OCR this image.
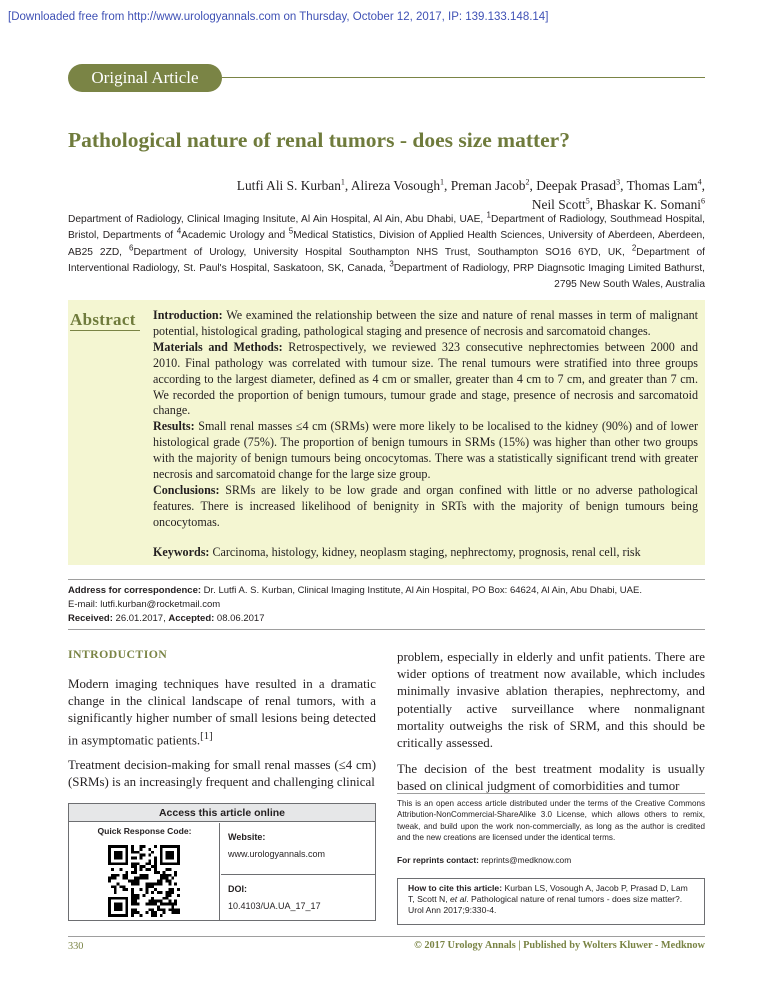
[Downloaded free from http://www.urologyannals.com on Thursday, October 12, 2017, IP: 139.133.148.14]
Original Article
Pathological nature of renal tumors - does size matter?
Lutfi Ali S. Kurban$^1$, Alireza Vosough$^1$, Preman Jacob$^2$, Deepak Prasad$^3$, Thomas Lam$^4$,
Neil Scott$^5$, Bhaskar K. Somani$^6$
Department of Radiology, Clinical Imaging Insitute, Al Ain Hospital, Al Ain, Abu Dhabi, UAE, $^1$Department of Radiology, Southmead Hospital, Bristol, Departments of $^4$Academic Urology and $^5$Medical Statistics, Division of Applied Health Sciences, University of Aberdeen, Aberdeen, AB25 2ZD, $^6$Department of Urology, University Hospital Southampton NHS Trust, Southampton SO16 6YD, UK, $^2$Department of Interventional Radiology, St. Paul's Hospital, Saskatoon, SK, Canada, $^3$Department of Radiology, PRP Diagnsotic Imaging Limited Bathurst, 2795 New South Wales, Australia
Abstract Introduction: We examined the relationship between the size and nature of renal masses in term of malignant potential, histological grading, pathological staging and presence of necrosis and sarcomatoid changes.

Materials and Methods: Retrospectively, we reviewed 323 consecutive nephrectomies between 2000 and 2010. Final pathology was correlated with tumour size. The renal tumours were stratified into three groups according to the largest diameter, defined as 4 cm or smaller, greater than 4 cm to 7 cm, and greater than 7 cm. We recorded the proportion of benign tumours, tumour grade and stage, presence of necrosis and sarcomatoid change.

Results: Small renal masses ≤4 cm (SRMs) were more likely to be localised to the kidney (90%) and of lower histological grade (75%). The proportion of benign tumours in SRMs (15%) was higher than other two groups with the majority of benign tumours being oncocytomas. There was a statistically significant trend with greater necrosis and sarcomatoid change for the large size group.

Conclusions: SRMs are likely to be low grade and organ confined with little or no adverse pathological features. There is increased likelihood of benignity in SRTs with the majority of benign tumours being oncocytomas.

Keywords: Carcinoma, histology, kidney, neoplasm staging, nephrectomy, prognosis, renal cell, risk

Address for correspondence: Dr. Lutfi A. S. Kurban, Clinical Imaging Institute, Al Ain Hospital, PO Box: 64624, Al Ain, Abu Dhabi, UAE.
E-mail: lutfi.kurban@rocketmail.com
Received: 26.01.2017, Accepted: 08.06.2017
INTRODUCTION

Modern imaging techniques have resulted in a dramatic change in the clinical landscape of renal tumors, with a significantly higher number of small lesions being detected in asymptomatic patients.[1]

Treatment decision-making for small renal masses (≤4 cm) (SRMs) is an increasingly frequent and challenging clinical

problem, especially in elderly and unfit patients. There are wider options of treatment now available, which includes minimally invasive ablation therapies, nephrectomy, and potentially active surveillance where nonmalignant mortality outweighs the risk of SRM, and this should be critically assessed.

The decision of the best treatment modality is usually based on clinical judgment of comorbidities and tumor

Access this article online
Quick Response Code:
Website:
www.urologyannals.com
DOI:
10.4103/UA.UA_17_17
This is an open access article distributed under the terms of the Creative Commons Attribution-NonCommercial-ShareAlike 3.0 License, which allows others to remix, tweak, and build upon the work non-commercially, as long as the author is credited and the new creations are licensed under the identical terms.
For reprints contact: reprints@medknow.com
How to cite this article: Kurban LS, Vosough A, Jacob P, Prasad D, Lam T, Scott N, et al. Pathological nature of renal tumors - does size matter?. Urol Ann 2017;9:330-4.
330	© 2017 Urology Annals | Published by Wolters Kluwer - Medknow
